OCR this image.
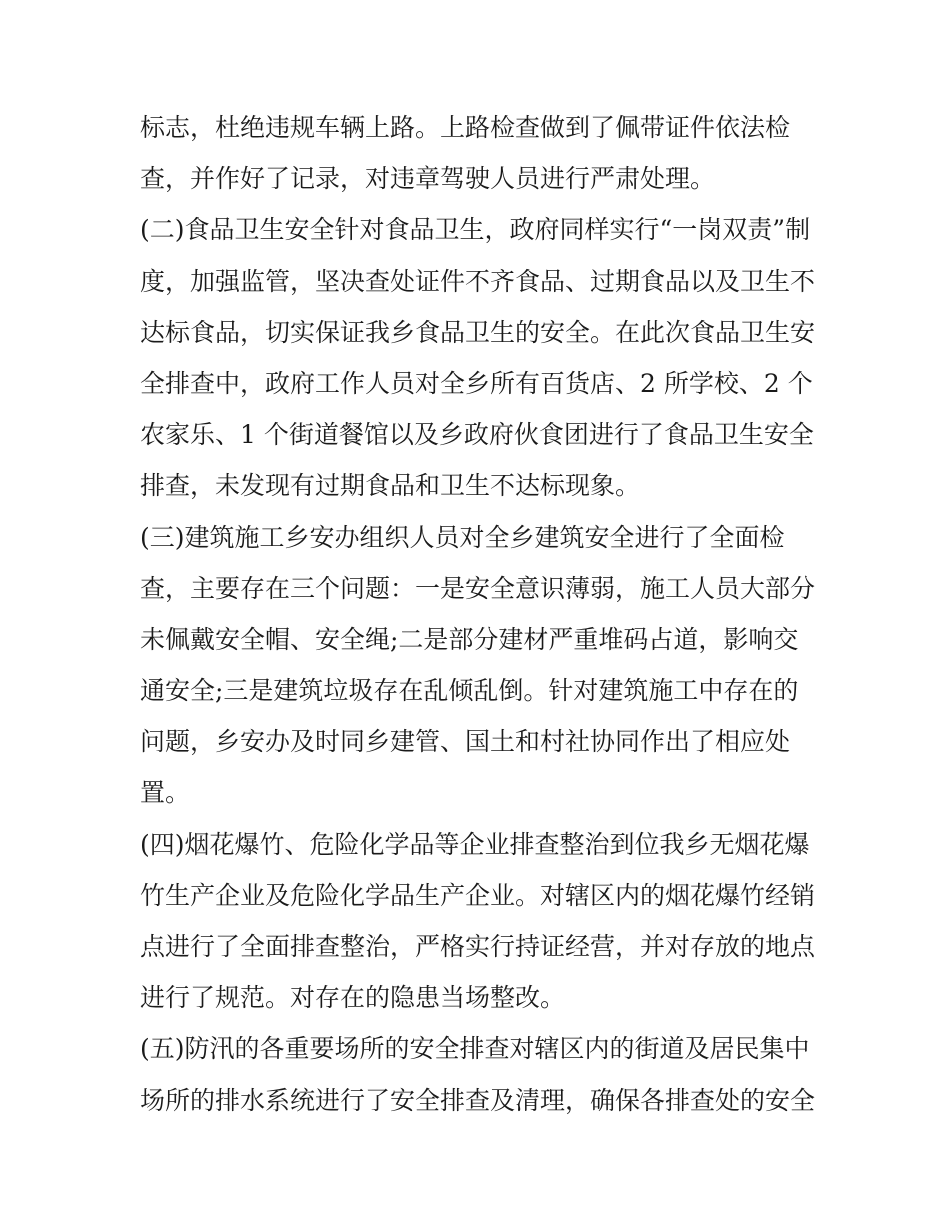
标志，杜绝违规车辆上路。上路检查做到了佩带证件依法检
查，并作好了记录，对违章驾驶人员进行严肃处理。
(二)食品卫生安全针对食品卫生，政府同样实行“一岗双责”制
度，加强监管，坚决查处证件不齐食品、过期食品以及卫生不
达标食品，切实保证我乡食品卫生的安全。在此次食品卫生安
全排查中，政府工作人员对全乡所有百货店、2 所学校、2 个
农家乐、1 个街道餐馆以及乡政府伙食团进行了食品卫生安全
排查，未发现有过期食品和卫生不达标现象。
(三)建筑施工乡安办组织人员对全乡建筑安全进行了全面检
查，主要存在三个问题：一是安全意识薄弱，施工人员大部分
未佩戴安全帽、安全绳;二是部分建材严重堆码占道，影响交
通安全;三是建筑垃圾存在乱倾乱倒。针对建筑施工中存在的
问题，乡安办及时同乡建管、国土和村社协同作出了相应处
置。
(四)烟花爆竹、危险化学品等企业排查整治到位我乡无烟花爆
竹生产企业及危险化学品生产企业。对辖区内的烟花爆竹经销
点进行了全面排查整治，严格实行持证经营，并对存放的地点
进行了规范。对存在的隐患当场整改。
(五)防汛的各重要场所的安全排查对辖区内的街道及居民集中
场所的排水系统进行了安全排查及清理，确保各排查处的安全
